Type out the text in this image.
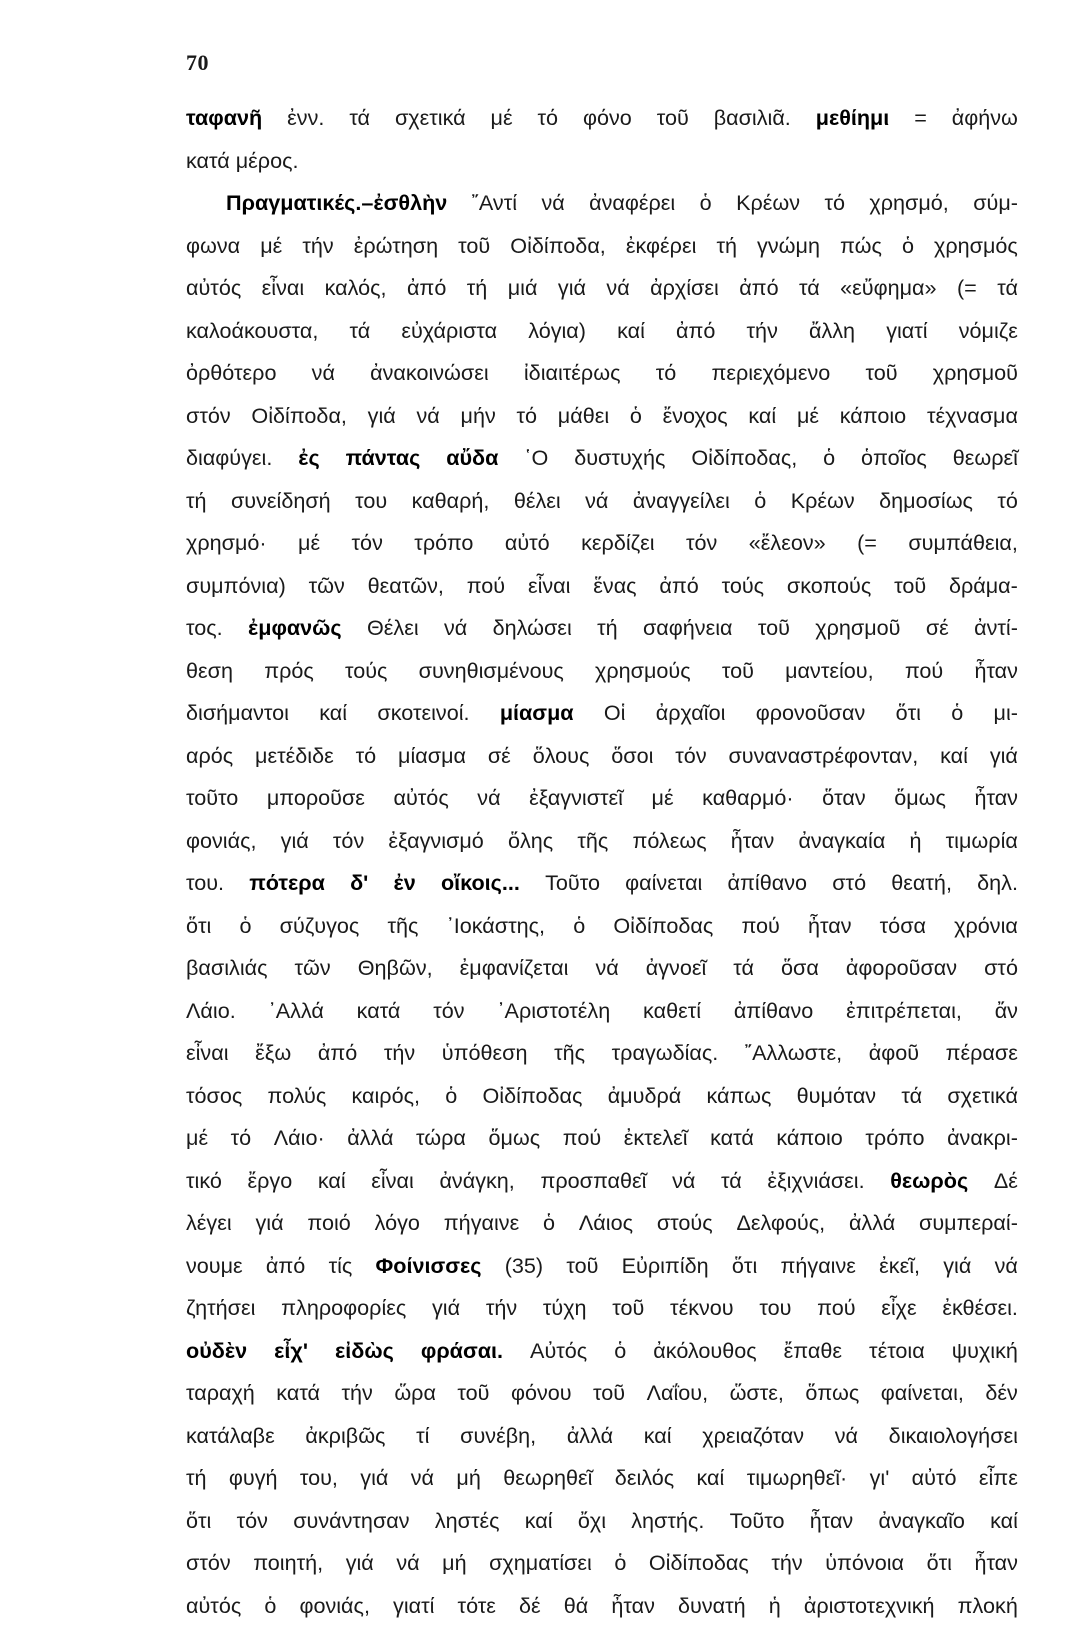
70
ταφανῆ ἐνν. τά σχετικά μέ τό φόνο τοῦ βασιλιᾶ. μεθίημι = ἀφήνω
κατά μέρος.
Πραγματικές.–ἐσθλὴν ῎Αντί νά ἀναφέρει ὁ Κρέων τό χρησμό, σύμ-
φωνα μέ τήν ἐρώτηση τοῦ Οἰδίποδα, ἐκφέρει τή γνώμη πώς ὁ χρησμός
αὐτός εἶναι καλός, ἀπό τή μιά γιά νά ἀρχίσει ἀπό τά «εὔφημα» (= τά
καλοάκουστα, τά εὐχάριστα λόγια) καί ἀπό τήν ἄλλη γιατί νόμιζε
ὀρθότερο νά ἀνακοινώσει ἰδιαιτέρως τό περιεχόμενο τοῦ χρησμοῦ
στόν Οἰδίποδα, γιά νά μήν τό μάθει ὁ ἔνοχος καί μέ κάποιο τέχνασμα
διαφύγει. ἐς πάντας αὔδα ῾Ο δυστυχής Οἰδίποδας, ὁ ὁποῖος θεωρεῖ
τή συνείδησή του καθαρή, θέλει νά ἀναγγείλει ὁ Κρέων δημοσίως τό
χρησμό· μέ τόν τρόπο αὐτό κερδίζει τόν «ἔλεον» (= συμπάθεια,
συμπόνια) τῶν θεατῶν, πού εἶναι ἕνας ἀπό τούς σκοπούς τοῦ δράμα-
τος. ἐμφανῶς Θέλει νά δηλώσει τή σαφήνεια τοῦ χρησμοῦ σέ ἀντί-
θεση πρός τούς συνηθισμένους χρησμούς τοῦ μαντείου, πού ἦταν
δισήμαντοι καί σκοτεινοί. μίασμα Οἱ ἀρχαῖοι φρονοῦσαν ὅτι ὁ μι-
αρός μετέδιδε τό μίασμα σέ ὅλους ὅσοι τόν συναναστρέφονταν, καί γιά
τοῦτο μποροῦσε αὐτός νά ἐξαγνιστεῖ μέ καθαρμό· ὅταν ὅμως ἦταν
φονιάς, γιά τόν ἐξαγνισμό ὅλης τῆς πόλεως ἦταν ἀναγκαία ἡ τιμωρία
του. πότερα δ' ἐν οἴκοις... Τοῦτο φαίνεται ἀπίθανο στό θεατή, δηλ.
ὅτι ὁ σύζυγος τῆς ᾽Ιοκάστης, ὁ Οἰδίποδας πού ἦταν τόσα χρόνια
βασιλιάς τῶν Θηβῶν, ἐμφανίζεται νά ἀγνοεῖ τά ὅσα ἀφοροῦσαν στό
Λάιο. ᾽Αλλά κατά τόν ᾽Αριστοτέλη καθετί ἀπίθανο ἐπιτρέπεται, ἄν
εἶναι ἔξω ἀπό τήν ὑπόθεση τῆς τραγωδίας. ῎Αλλωστε, ἀφοῦ πέρασε
τόσος πολύς καιρός, ὁ Οἰδίποδας ἀμυδρά κάπως θυμόταν τά σχετικά
μέ τό Λάιο· ἀλλά τώρα ὅμως πού ἐκτελεῖ κατά κάποιο τρόπο ἀνακρι-
τικό ἔργο καί εἶναι ἀνάγκη, προσπαθεῖ νά τά ἐξιχνιάσει. θεωρὸς Δέ
λέγει γιά ποιό λόγο πήγαινε ὁ Λάιος στούς Δελφούς, ἀλλά συμπεραί-
νουμε ἀπό τίς Φοίνισσες (35) τοῦ Εὐριπίδη ὅτι πήγαινε ἐκεῖ, γιά νά
ζητήσει πληροφορίες γιά τήν τύχη τοῦ τέκνου του πού εἶχε ἐκθέσει.
οὐδὲν εἶχ' εἰδὼς φράσαι. Αὐτός ὁ ἀκόλουθος ἔπαθε τέτοια ψυχική
ταραχή κατά τήν ὥρα τοῦ φόνου τοῦ Λαΐου, ὥστε, ὅπως φαίνεται, δέν
κατάλαβε ἀκριβῶς τί συνέβη, ἀλλά καί χρειαζόταν νά δικαιολογήσει
τή φυγή του, γιά νά μή θεωρηθεῖ δειλός καί τιμωρηθεῖ· γι' αὐτό εἶπε
ὅτι τόν συνάντησαν ληστές καί ὄχι ληστής. Τοῦτο ἦταν ἀναγκαῖο καί
στόν ποιητή, γιά νά μή σχηματίσει ὁ Οἰδίποδας τήν ὑπόνοια ὅτι ἦταν
αὐτός ὁ φονιάς, γιατί τότε δέ θά ἦταν δυνατή ἡ ἀριστοτεχνική πλοκή
